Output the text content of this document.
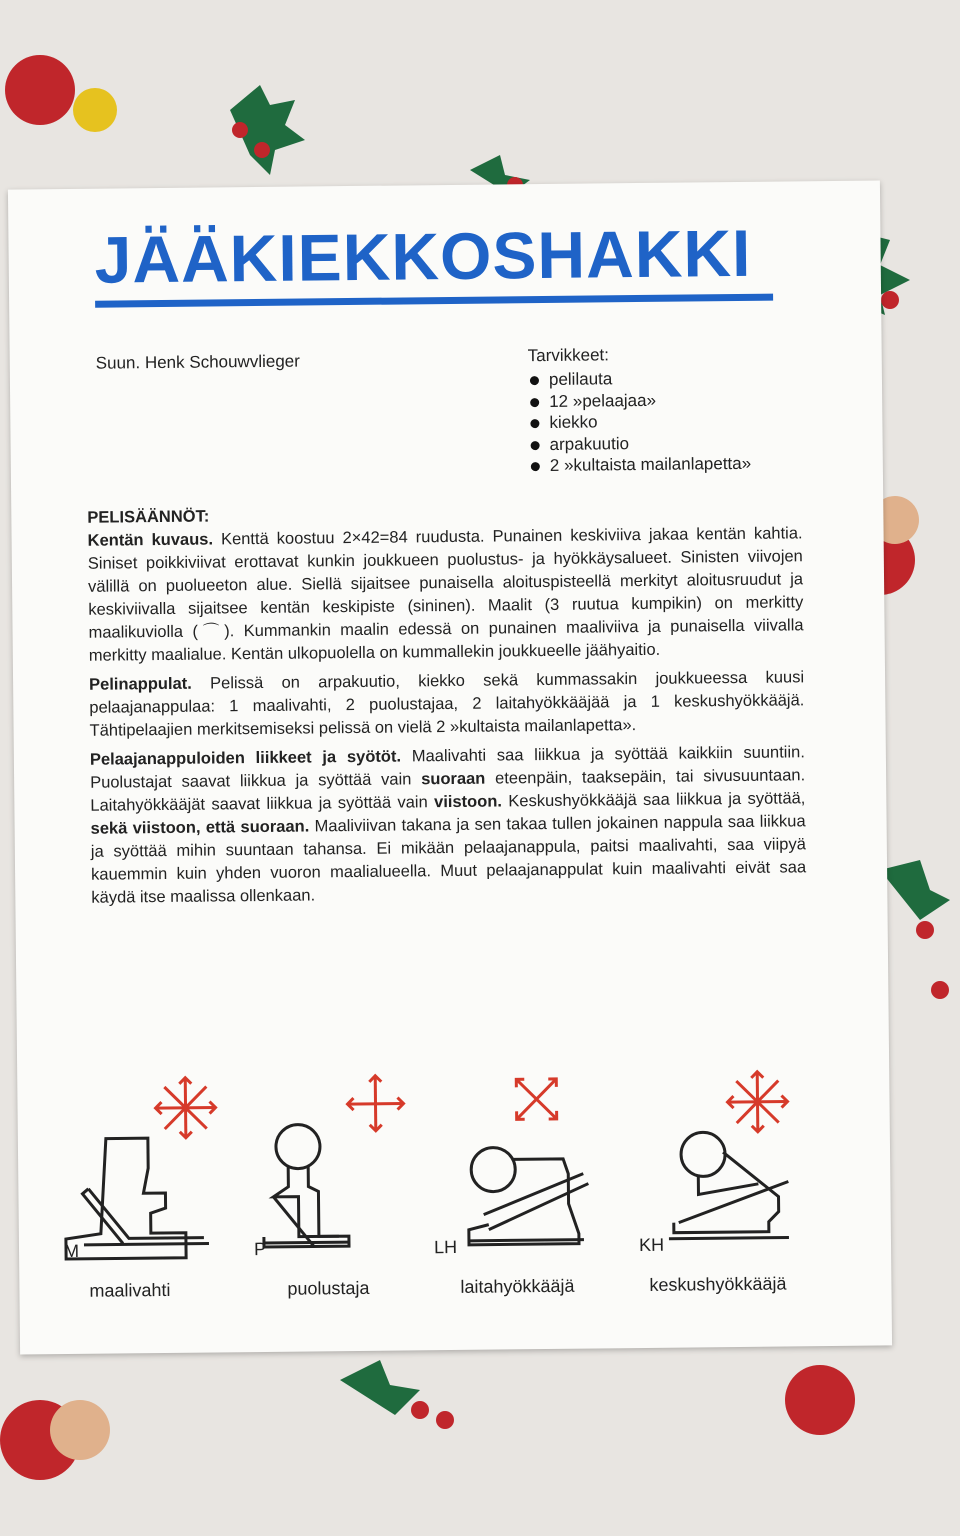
JÄÄKIEKKOSHAKKI
Suun. Henk Schouwvlieger	Tarvikkeet:
pelilauta
12 »pelaajaa»
kiekko
arpakuutio
2 »kultaista mailanlapetta»
PELISÄÄNNÖT:

Kentän kuvaus. Kenttä koostuu 2×42=84 ruudusta. Punainen keskiviiva jakaa kentän kahtia. Siniset poikkiviivat erottavat kunkin joukkueen puolustus- ja hyökkäysalueet. Sinisten viivojen välillä on puolueeton alue. Siellä sijaitsee punaisella aloituspisteellä merkityt aloitusruudut ja keskiviivalla sijaitsee kentän keskipiste (sininen). Maalit (3 ruutua kumpikin) on merkitty maalikuviolla (⌒). Kummankin maalin edessä on punainen maaliviiva ja punaisella viivalla merkitty maalialue. Kentän ulkopuolella on kummallekin joukkueelle jäähyaitio.

Pelinappulat. Pelissä on arpakuutio, kiekko sekä kummassakin joukkueessa kuusi pelaajanappulaa: 1 maalivahti, 2 puolustajaa, 2 laitahyökkääjää ja 1 keskushyökkääjä. Tähtipelaajien merkitsemiseksi pelissä on vielä 2 »kultaista mailanlapetta».

Pelaajanappuloiden liikkeet ja syötöt. Maalivahti saa liikkua ja syöttää kaikkiin suuntiin. Puolustajat saavat liikkua ja syöttää vain suoraan eteenpäin, taaksepäin, tai sivusuuntaan. Laitahyökkääjät saavat liikkua ja syöttää vain viistoon. Keskushyökkääjä saa liikkua ja syöttää, sekä viistoon, että suoraan. Maaliviivan takana ja sen takaa tullen jokainen nappula saa liikkua ja syöttää mihin suuntaan tahansa. Ei mikään pelaajanappula, paitsi maalivahti, saa viipyä kauemmin kuin yhden vuoron maalialueella. Muut pelaajanappulat kuin maalivahti eivät saa käydä itse maalissa ollenkaan.

M
maalivahti
P
puolustaja
LH
laitahyökkääjä
KH
keskushyökkääjä
